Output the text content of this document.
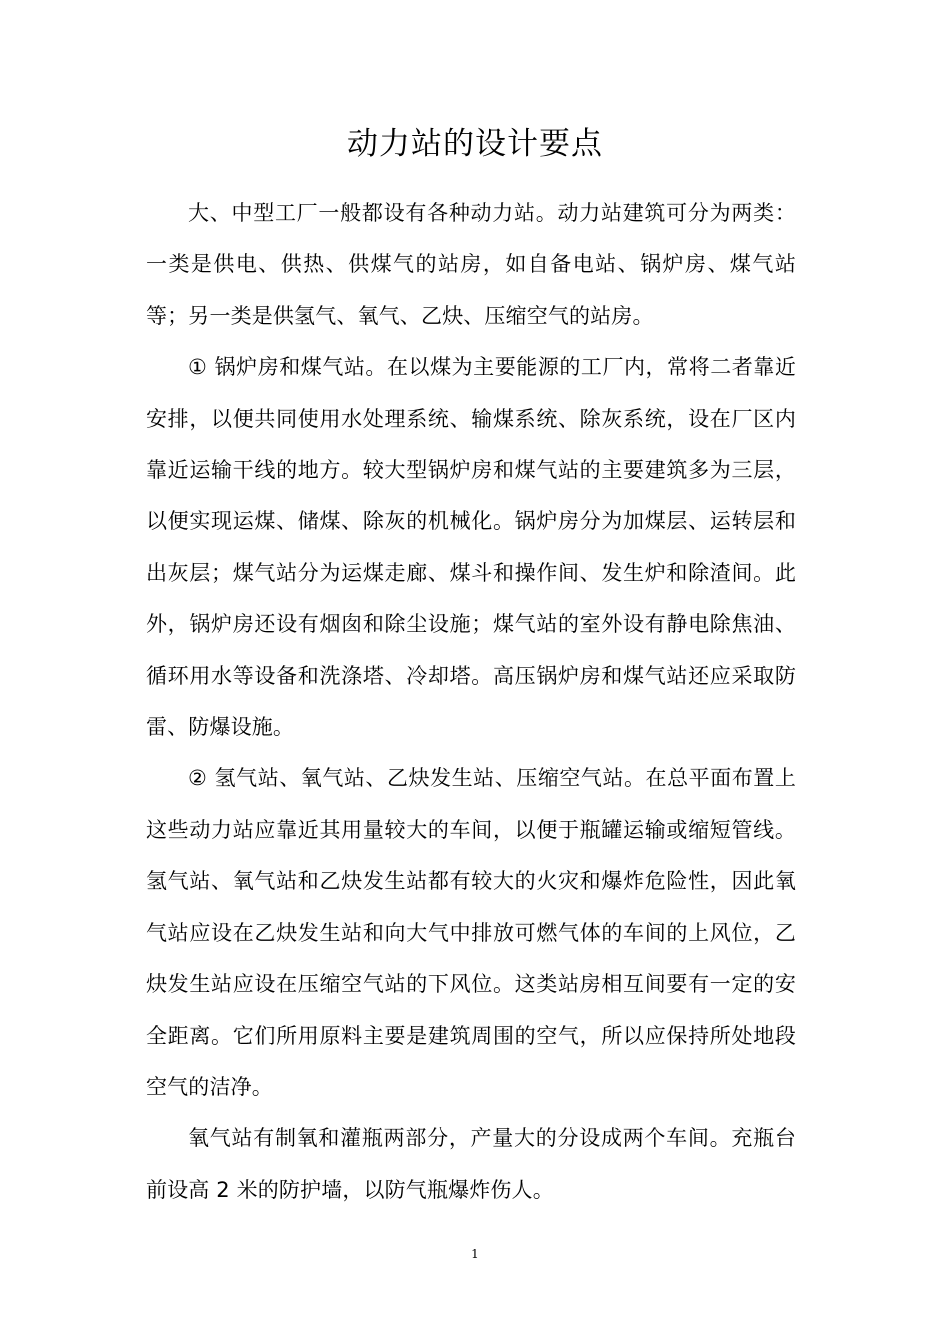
动力站的设计要点

大、中型工厂一般都设有各种动力站。动力站建筑可分为两类：一类是供电、供热、供煤气的站房，如自备电站、锅炉房、煤气站等；另一类是供氢气、氧气、乙炔、压缩空气的站房。

① 锅炉房和煤气站。在以煤为主要能源的工厂内，常将二者靠近安排，以便共同使用水处理系统、输煤系统、除灰系统，设在厂区内靠近运输干线的地方。较大型锅炉房和煤气站的主要建筑多为三层，以便实现运煤、储煤、除灰的机械化。锅炉房分为加煤层、运转层和出灰层；煤气站分为运煤走廊、煤斗和操作间、发生炉和除渣间。此外，锅炉房还设有烟囱和除尘设施；煤气站的室外设有静电除焦油、循环用水等设备和洗涤塔、冷却塔。高压锅炉房和煤气站还应采取防雷、防爆设施。

② 氢气站、氧气站、乙炔发生站、压缩空气站。在总平面布置上这些动力站应靠近其用量较大的车间，以便于瓶罐运输或缩短管线。氢气站、氧气站和乙炔发生站都有较大的火灾和爆炸危险性，因此氧气站应设在乙炔发生站和向大气中排放可燃气体的车间的上风位，乙炔发生站应设在压缩空气站的下风位。这类站房相互间要有一定的安全距离。它们所用原料主要是建筑周围的空气，所以应保持所处地段空气的洁净。

氧气站有制氧和灌瓶两部分，产量大的分设成两个车间。充瓶台前设高 2 米的防护墙，以防气瓶爆炸伤人。

1
